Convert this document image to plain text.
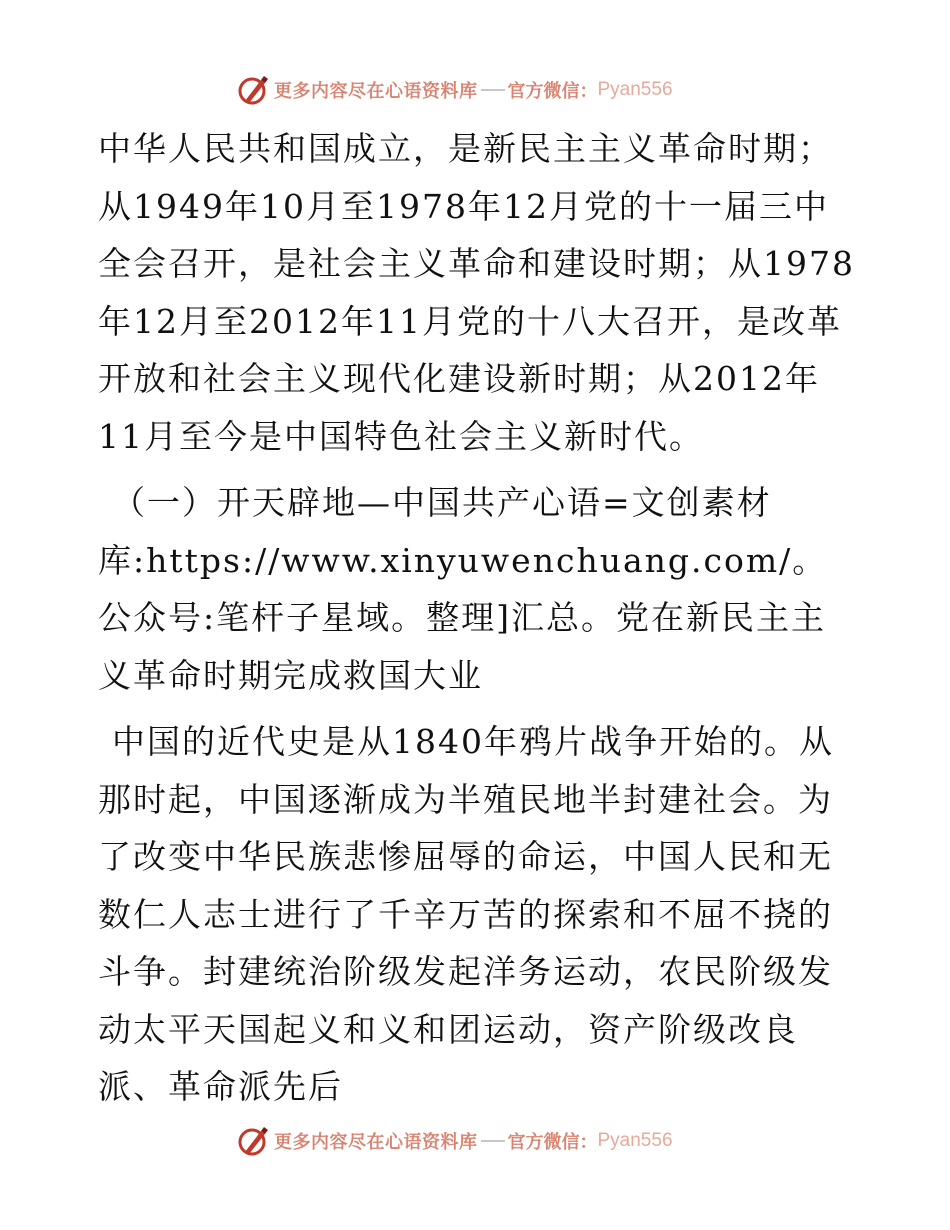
更多内容尽在心语资料库 官方微信： Pyan556

中华人民共和国成立，是新民主主义革命时期；从1949年10月至1978年12月党的十一届三中全会召开，是社会主义革命和建设时期；从1978年12月至2012年11月党的十八大召开，是改革开放和社会主义现代化建设新时期；从2012年11月至今是中国特色社会主义新时代。

（一）开天辟地—中国共产心语=文创素材库:https://www.xinyuwenchuang.com/。公众号:笔杆子星域。整理]汇总。党在新民主主义革命时期完成救国大业

中国的近代史是从1840年鸦片战争开始的。从那时起，中国逐渐成为半殖民地半封建社会。为了改变中华民族悲惨屈辱的命运，中国人民和无数仁人志士进行了千辛万苦的探索和不屈不挠的斗争。封建统治阶级发起洋务运动，农民阶级发动太平天国起义和义和团运动，资产阶级改良派、革命派先后

更多内容尽在心语资料库 官方微信： Pyan556
